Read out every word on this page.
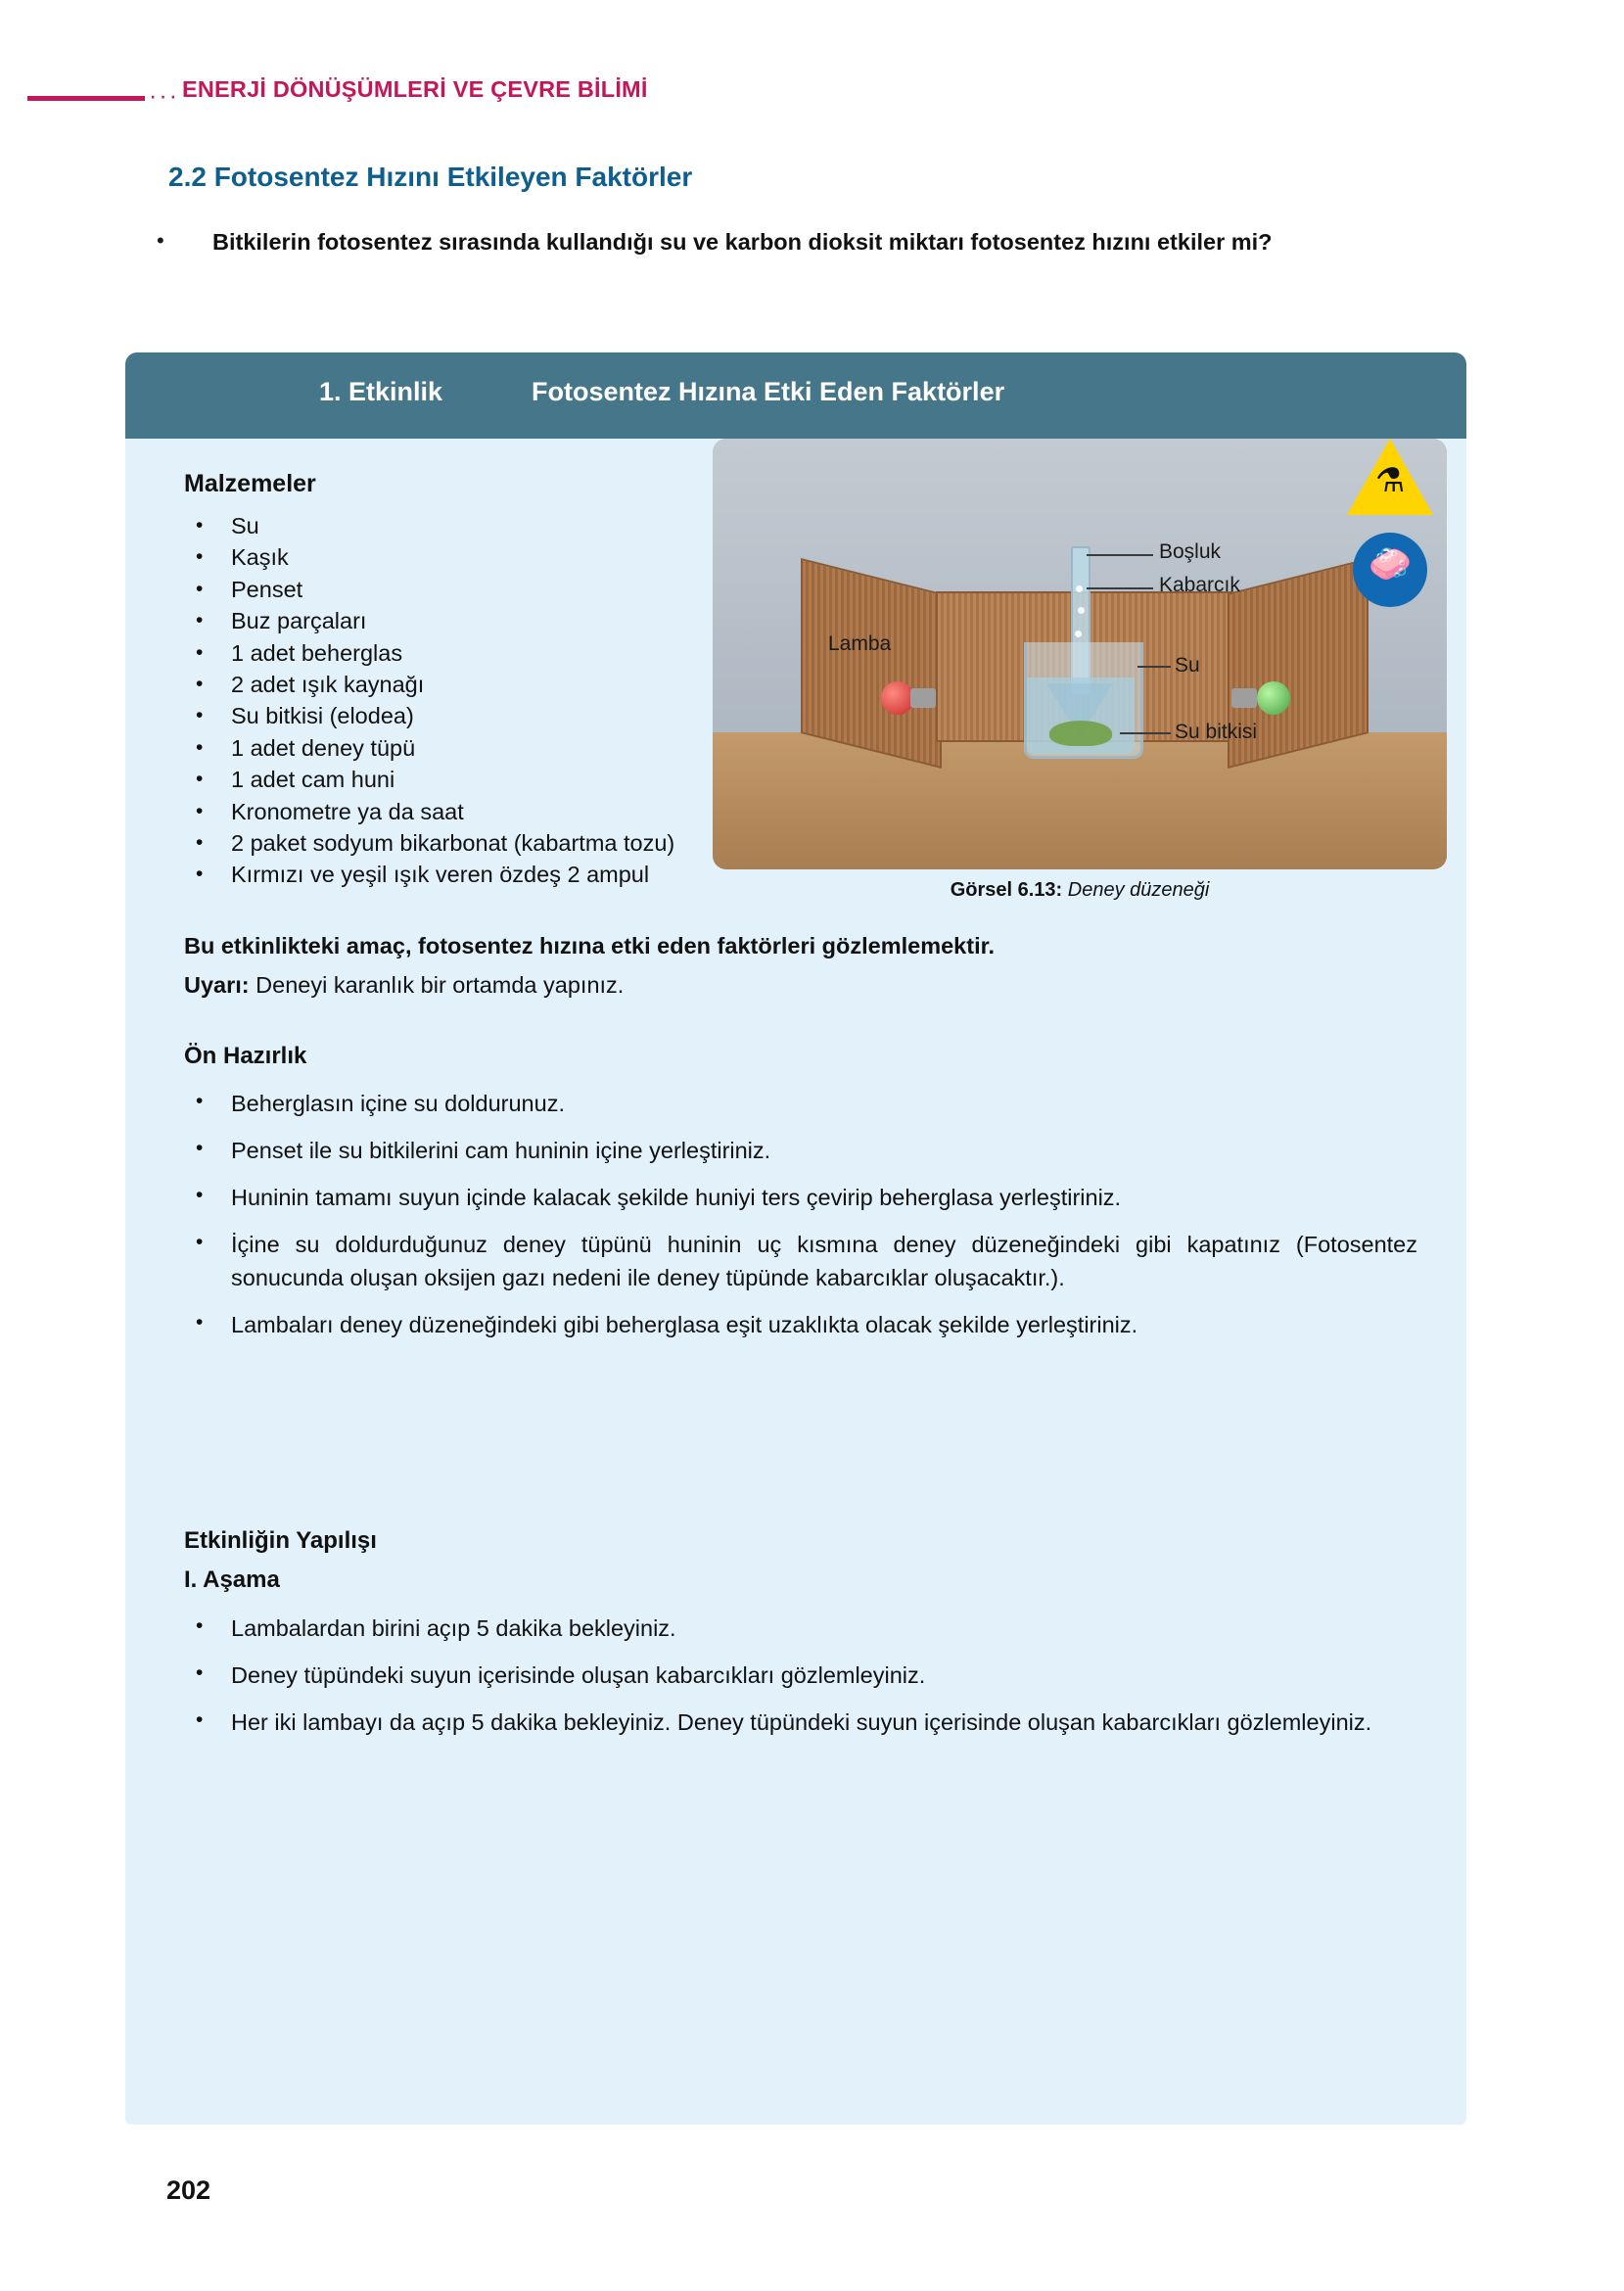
··· ENERJİ DÖNÜŞÜMLERİ VE ÇEVRE BİLİMİ
2.2 Fotosentez Hızını Etkileyen Faktörler
• Bitkilerin fotosentez sırasında kullandığı su ve karbon dioksit miktarı fotosentez hızını etkiler mi?
1. Etkinlik	Fotosentez Hızına Etki Eden Faktörler
Malzemeler
• Su
• Kaşık
• Penset
• Buz parçaları
• 1 adet beherglas
• 2 adet ışık kaynağı
• Su bitkisi (elodea)
• 1 adet deney tüpü
• 1 adet cam huni
• Kronometre ya da saat
• 2 paket sodyum bikarbonat (kabartma tozu)
• Kırmızı ve yeşil ışık veren özdeş 2 ampul
Boşluk
Kabarcık
Su
Su bitkisi
Lamba
Görsel 6.13: Deney düzeneği
⚗
🧼
Bu etkinlikteki amaç, fotosentez hızına etki eden faktörleri gözlemlemektir.
Uyarı: Deneyi karanlık bir ortamda yapınız.
Ön Hazırlık
• Beherglasın içine su doldurunuz.
• Penset ile su bitkilerini cam huninin içine yerleştiriniz.
• Huninin tamamı suyun içinde kalacak şekilde huniyi ters çevirip beherglasa yerleştiriniz.
• İçine su doldurduğunuz deney tüpünü huninin uç kısmına deney düzeneğindeki gibi kapatınız (Fotosentez sonucunda oluşan oksijen gazı nedeni ile deney tüpünde kabarcıklar oluşacaktır.).
• Lambaları deney düzeneğindeki gibi beherglasa eşit uzaklıkta olacak şekilde yerleştiriniz.
Etkinliğin Yapılışı
I. Aşama
• Lambalardan birini açıp 5 dakika bekleyiniz.
• Deney tüpündeki suyun içerisinde oluşan kabarcıkları gözlemleyiniz.
• Her iki lambayı da açıp 5 dakika bekleyiniz. Deney tüpündeki suyun içerisinde oluşan kabarcıkları gözlemleyiniz.
202
